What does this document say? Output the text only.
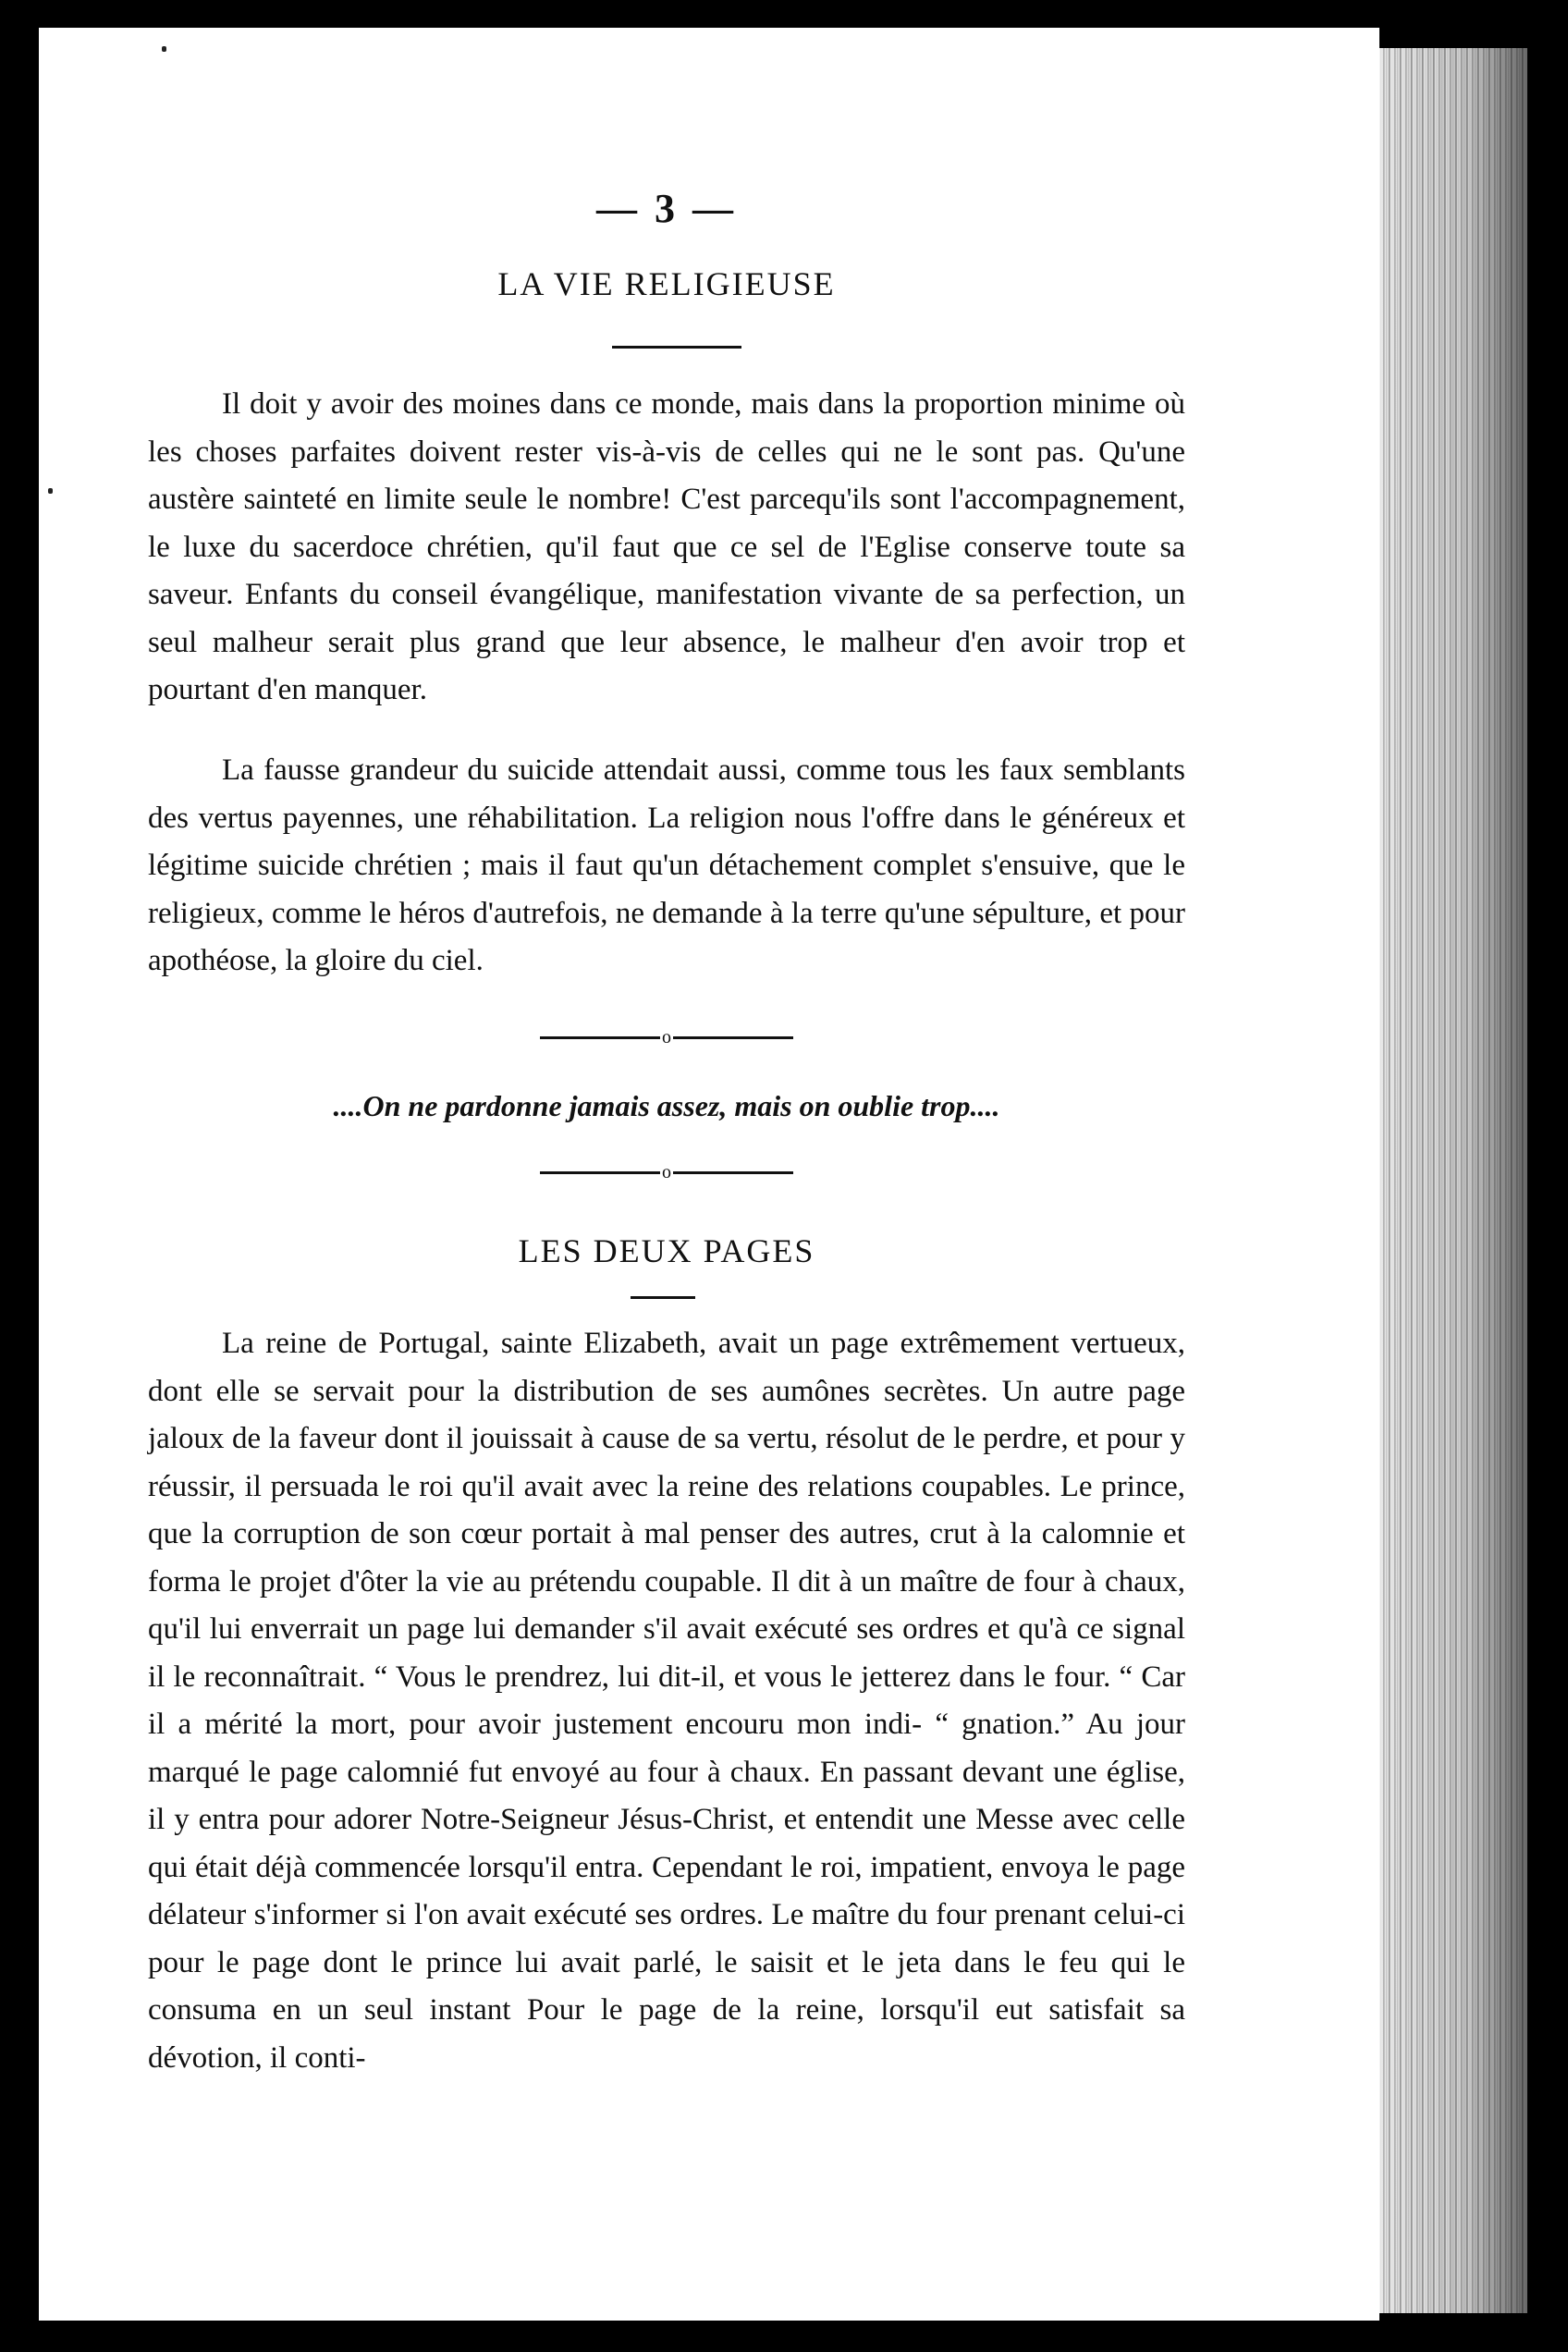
— 3 —
LA VIE RELIGIEUSE

Il doit y avoir des moines dans ce monde, mais dans la proportion minime où les choses parfaites doivent rester vis-à-vis de celles qui ne le sont pas. Qu'une austère sainteté en limite seule le nombre! C'est parcequ'ils sont l'accompagnement, le luxe du sacerdoce chrétien, qu'il faut que ce sel de l'Eglise conserve toute sa saveur. Enfants du conseil évangélique, manifestation vivante de sa perfection, un seul malheur serait plus grand que leur absence, le malheur d'en avoir trop et pourtant d'en manquer.

La fausse grandeur du suicide attendait aussi, comme tous les faux semblants des vertus payennes, une réhabilitation. La religion nous l'offre dans le généreux et légitime suicide chrétien ; mais il faut qu'un détachement complet s'ensuive, que le religieux, comme le héros d'autrefois, ne demande à la terre qu'une sépulture, et pour apothéose, la gloire du ciel.

o
....On ne pardonne jamais assez, mais on oublie trop....
o
LES DEUX PAGES

La reine de Portugal, sainte Elizabeth, avait un page extrêmement vertueux, dont elle se servait pour la distribution de ses aumônes secrètes. Un autre page jaloux de la faveur dont il jouissait à cause de sa vertu, résolut de le perdre, et pour y réussir, il persuada le roi qu'il avait avec la reine des relations coupables. Le prince, que la corruption de son cœur portait à mal penser des autres, crut à la calomnie et forma le projet d'ôter la vie au prétendu coupable. Il dit à un maître de four à chaux, qu'il lui enverrait un page lui demander s'il avait exécuté ses ordres et qu'à ce signal il le reconnaîtrait. “ Vous le prendrez, lui dit-il, et vous le jetterez dans le four. “ Car il a mérité la mort, pour avoir justement encouru mon indi- “ gnation.” Au jour marqué le page calomnié fut envoyé au four à chaux. En passant devant une église, il y entra pour adorer Notre-Seigneur Jésus-Christ, et entendit une Messe avec celle qui était déjà commencée lorsqu'il entra. Cependant le roi, impatient, envoya le page délateur s'informer si l'on avait exécuté ses ordres. Le maître du four prenant celui-ci pour le page dont le prince lui avait parlé, le saisit et le jeta dans le feu qui le consuma en un seul instant Pour le page de la reine, lorsqu'il eut satisfait sa dévotion, il conti-
